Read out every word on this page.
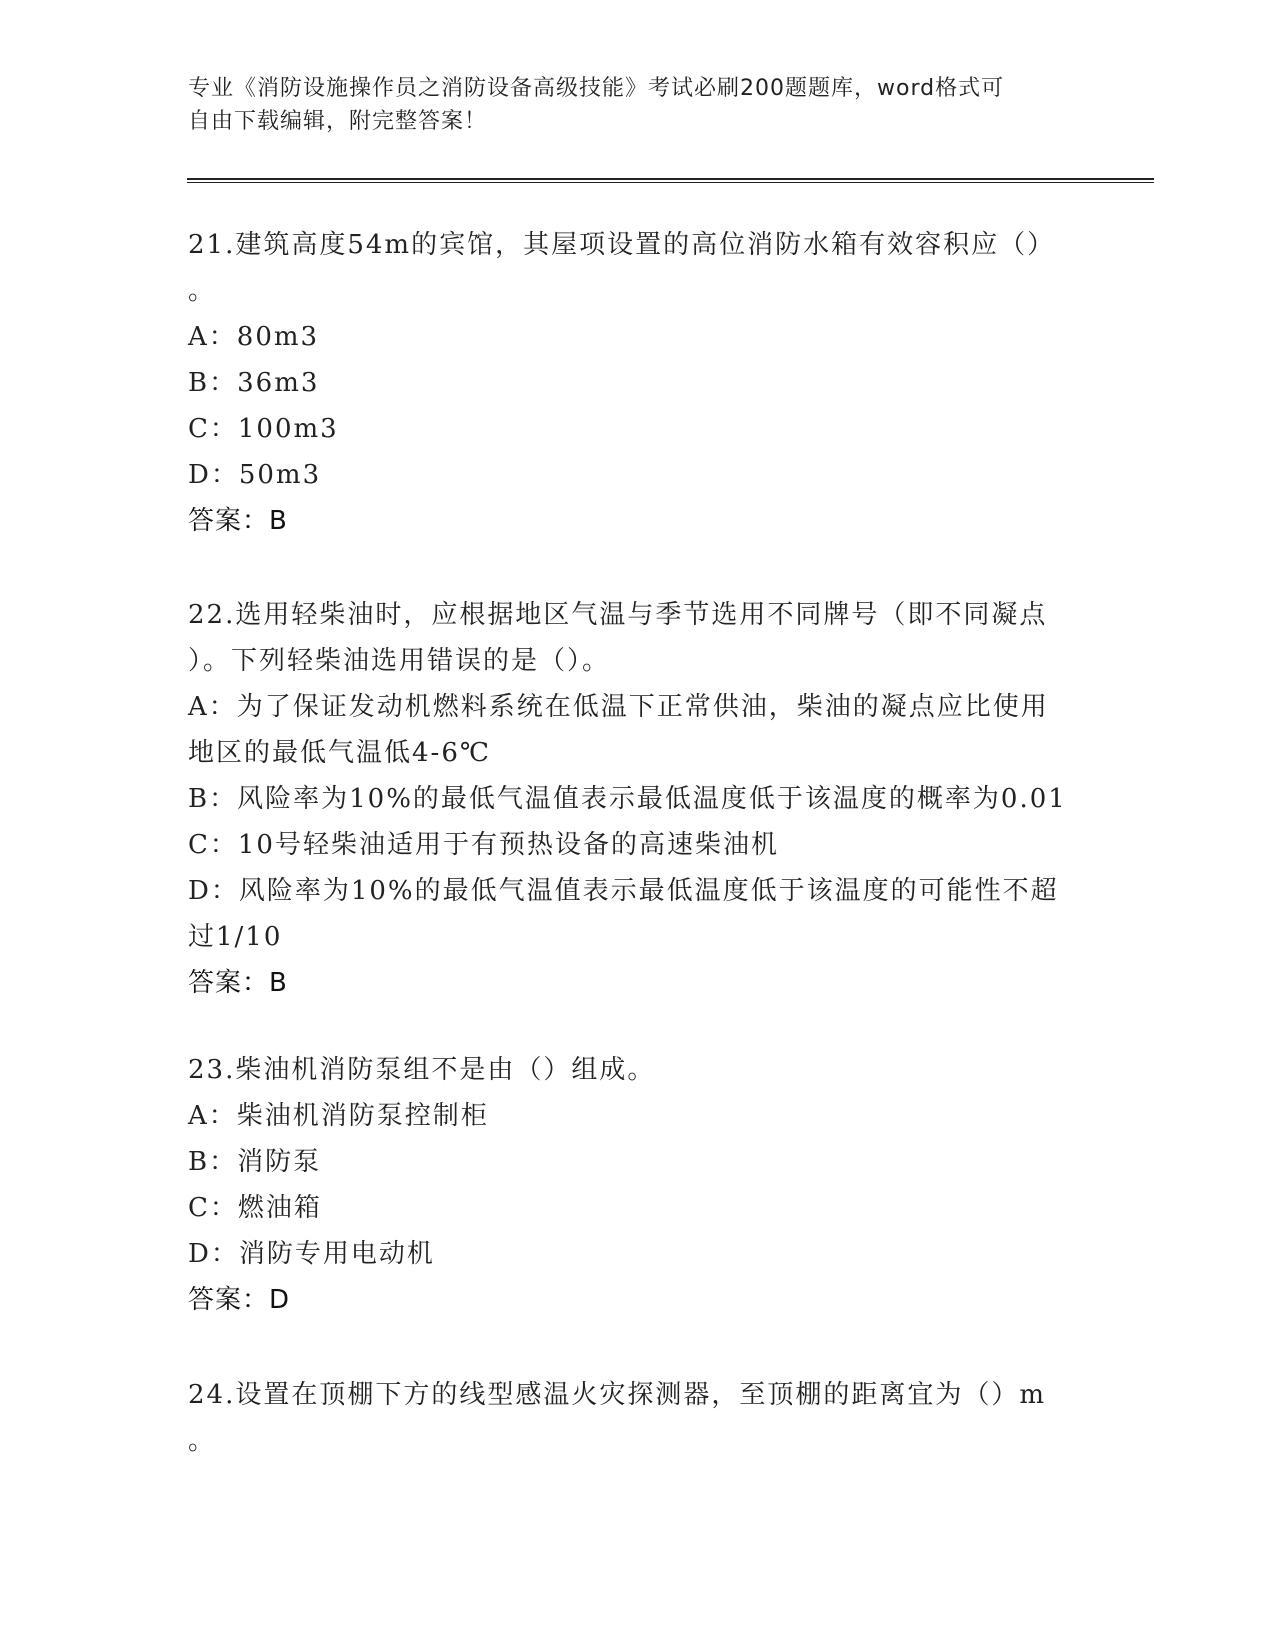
专业《消防设施操作员之消防设备高级技能》考试必刷200题题库，word格式可
自由下载编辑，附完整答案！
21.建筑高度54m的宾馆，其屋项设置的高位消防水箱有效容积应（）
。
A：80m3
B：36m3
C：100m3
D：50m3
答案：B
22.选用轻柴油时，应根据地区气温与季节选用不同牌号（即不同凝点
）。下列轻柴油选用错误的是（）。
A：为了保证发动机燃料系统在低温下正常供油，柴油的凝点应比使用
地区的最低气温低4-6℃
B：风险率为10%的最低气温值表示最低温度低于该温度的概率为0.01
C：10号轻柴油适用于有预热设备的高速柴油机
D：风险率为10%的最低气温值表示最低温度低于该温度的可能性不超
过1/10
答案：B
23.柴油机消防泵组不是由（）组成。
A：柴油机消防泵控制柜
B：消防泵
C：燃油箱
D：消防专用电动机
答案：D
24.设置在顶棚下方的线型感温火灾探测器，至顶棚的距离宜为（）m
。
